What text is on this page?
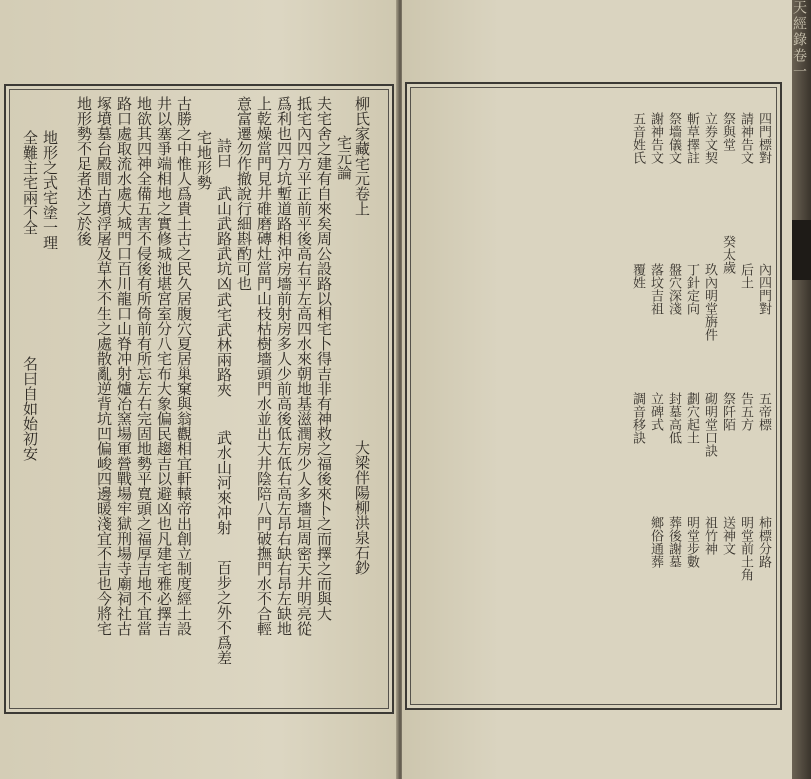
柳氏家藏宅元卷上
大梁伴陽柳洪泉石鈔
宅元論
夫宅舍之建有自來矣周公設路以相宅卜得吉非有神救之福後來卜之而擇之而與大
抵宅內四方平正前平後高右平左高四水來朝地基滋潤房少人多墻垣周密天井明亮從
爲利也四方坑塹道路相沖房墻前射房多人少前高後低左低右高左昂右缺右昂左缺地
上乾燥當門見井碓磨磚灶當門山枝枯樹墻頭門水並出大井陰陪八門破撫門水不合輕
意富遷勿作撤說行細斟酌可也
詩曰 武山武路武坑凶
武宅武林兩路夾
武水山河來冲射
百步之外不爲差
宅地形勢
古勝之中惟人爲貴土古之民久居腹穴夏居巢窠與翁觀相宜軒轅帝出創立制度經土設
井以塞爭端相地之實修城池堪宮室分八宅布大象偏民趨吉以避凶也凡建宅雅必擇吉
地欲其四神全備五害不侵後有所倚前有所忘左右完固地勢平寬頭之福厚吉地不宜當
路口處取流水處大城門口百川龍口山脊冲射爐冶窯場軍營戰場牢獄刑場寺廟祠社古
塚墳墓台殿間古墳浮屠及草木不生之處散亂逆背坑凹偏峻四邊暖淺宜不吉也今將宅
地形勢不足者述之於後
地形之式宅塗一理
全難主宅兩不全
名曰自如始初安
四門標對
請神告文
祭與堂
立券文契
斬草擇註
祭墻儀文
謝神告文
五音姓氏
癸太歲
內四門對
后土
玖內明堂旃件
丁針定向
盤穴深淺
落坟吉祖
覆姓
五帝標
告五方
祭阡陌
砌明堂口訣
劃穴起土
封墓高低
立碑式
調音移訣
柿標分路
明堂前土角
送神文
祖竹神
明堂步數
葬後謝墓
鄉俗通葬
天經錄卷一
